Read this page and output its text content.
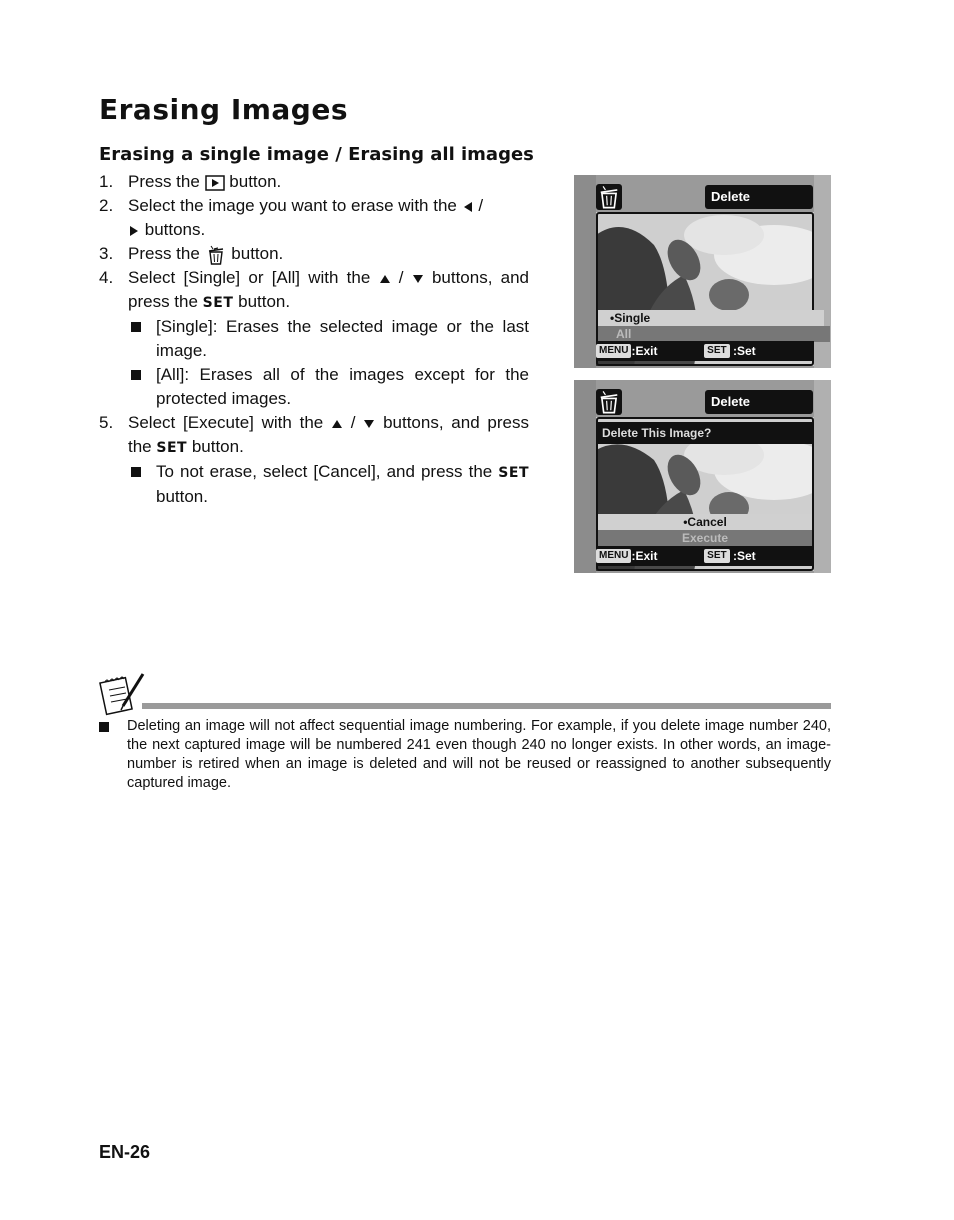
Erasing Images
Erasing a single image / Erasing all images
1. Press the button.
2. Select the image you want to erase with the /
buttons.
3. Press the button.
4. Select [Single] or [All] with the / buttons, and press the SET button.
[Single]: Erases the selected image or the last image.
[All]: Erases all of the images except for the protected images.
5. Select [Execute] with the / buttons, and press the SET button.
To not erase, select [Cancel], and press the SET button.
Delete
•Single
All
MENU :Exit	SET :Set
Delete
Delete This Image?
•Cancel
Execute
MENU :Exit	SET :Set
Deleting an image will not affect sequential image numbering. For example, if you delete image number 240, the next captured image will be numbered 241 even though 240 no longer exists. In other words, an image-number is retired when an image is deleted and will not be reused or reassigned to another subsequently captured image.
EN-26
